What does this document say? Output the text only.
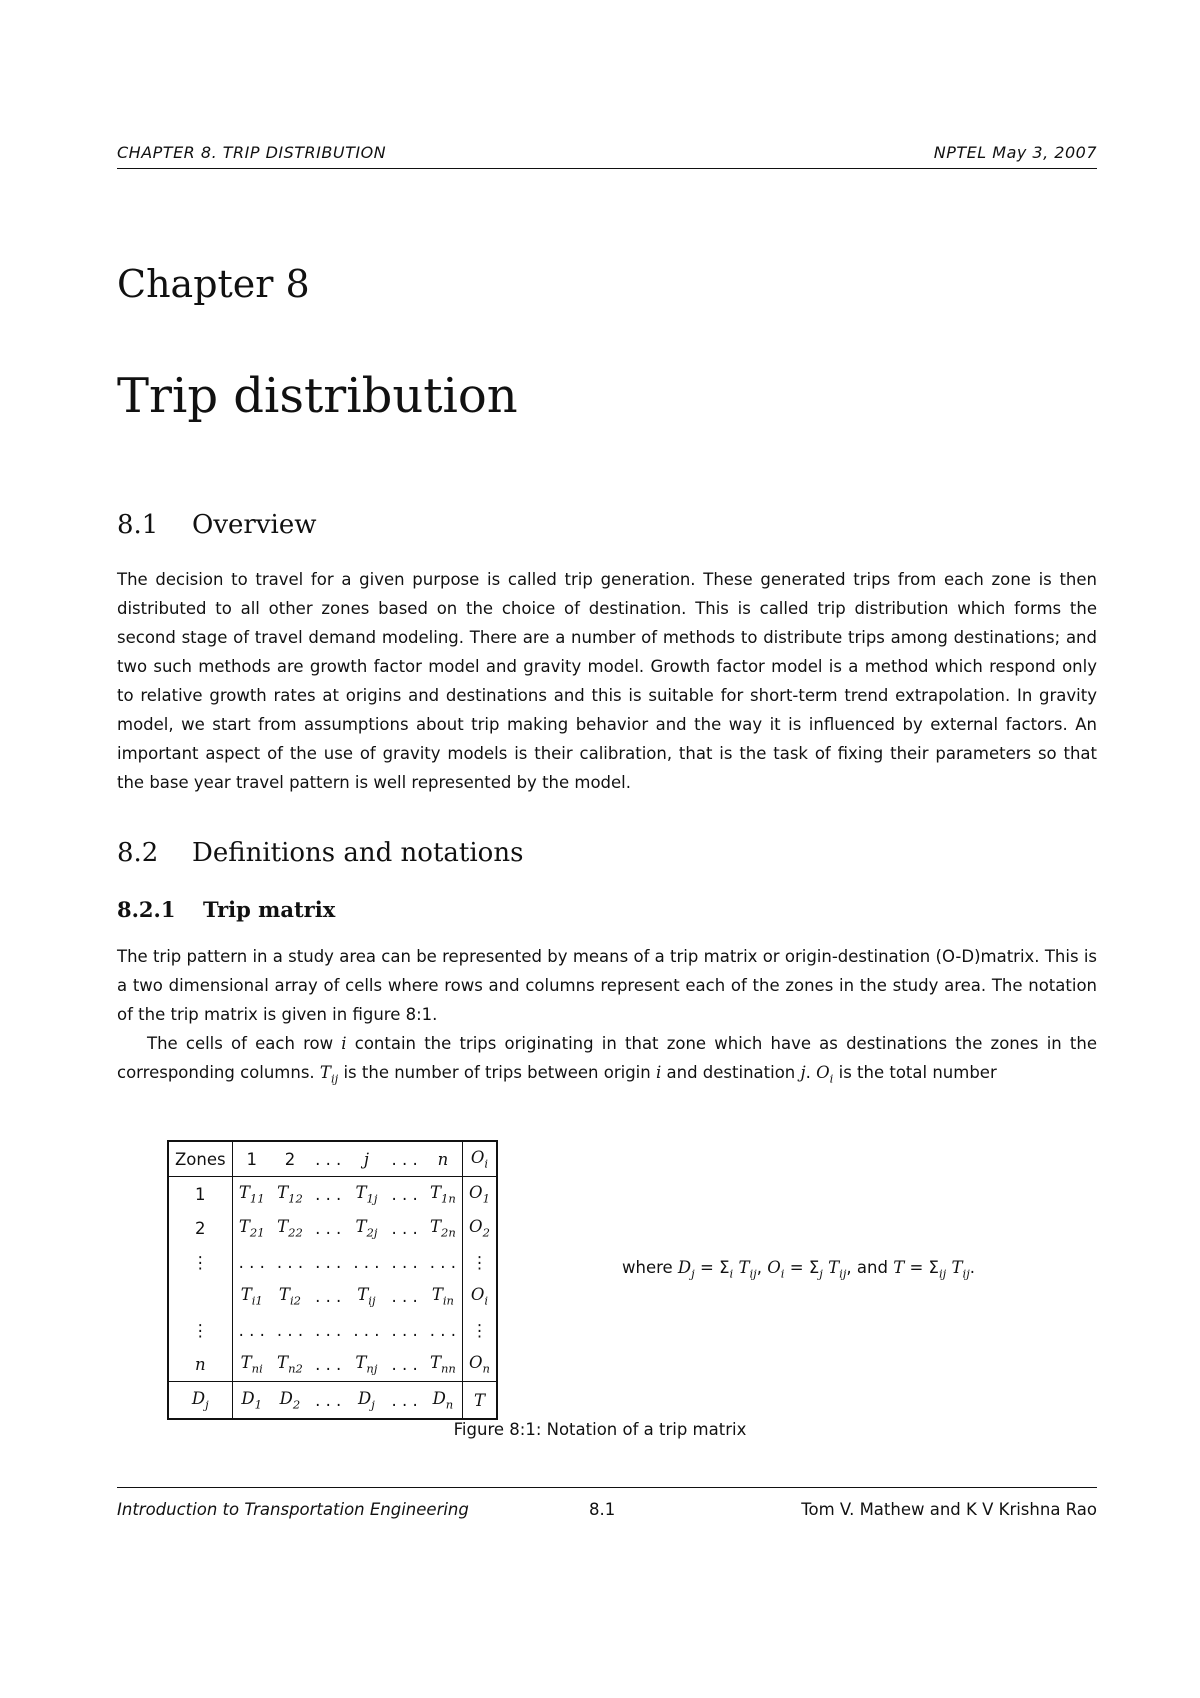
CHAPTER 8. TRIP DISTRIBUTION	NPTEL May 3, 2007
Chapter 8
Trip distribution
8.1 Overview
The decision to travel for a given purpose is called trip generation. These generated trips from each zone is then distributed to all other zones based on the choice of destination. This is called trip distribution which forms the second stage of travel demand modeling. There are a number of methods to distribute trips among destinations; and two such methods are growth factor model and gravity model. Growth factor model is a method which respond only to relative growth rates at origins and destinations and this is suitable for short-term trend extrapolation. In gravity model, we start from assumptions about trip making behavior and the way it is influenced by external factors. An important aspect of the use of gravity models is their calibration, that is the task of fixing their parameters so that the base year travel pattern is well represented by the model.
8.2 Definitions and notations
8.2.1 Trip matrix
The trip pattern in a study area can be represented by means of a trip matrix or origin-destination (O-D)matrix. This is a two dimensional array of cells where rows and columns represent each of the zones in the study area. The notation of the trip matrix is given in figure 8:1.
The cells of each row i contain the trips originating in that zone which have as destinations the zones in the corresponding columns. $T_{ij}$ is the number of trips between origin i and destination j. $O_i$ is the total number
Zones	1	2	. . .	j	. . .	n	$O_i$
1	$T_{11}$	$T_{12}$	. . .	$T_{1j}$	. . .	$T_{1n}$	$O_1$
2	$T_{21}$	$T_{22}$	. . .	$T_{2j}$	. . .	$T_{2n}$	$O_2$
⋮	. . .	. . .	. . .	. . .	. . .	. . .	⋮
	$T_{i1}$	$T_{i2}$	. . .	$T_{ij}$	. . .	$T_{in}$	$O_i$
⋮	. . .	. . .	. . .	. . .	. . .	. . .	⋮
n	$T_{ni}$	$T_{n2}$	. . .	$T_{nj}$	. . .	$T_{nn}$	$O_n$
$D_j$	$D_1$	$D_2$	. . .	$D_j$	. . .	$D_n$	T
where $D_j = \Sigma_i$ $T_{ij}$, $O_i = \Sigma_j$ $T_{ij}$, and $T = \Sigma_{ij}$ $T_{ij}$.
Figure 8:1: Notation of a trip matrix
Introduction to Transportation Engineering	8.1	Tom V. Mathew and K V Krishna Rao
